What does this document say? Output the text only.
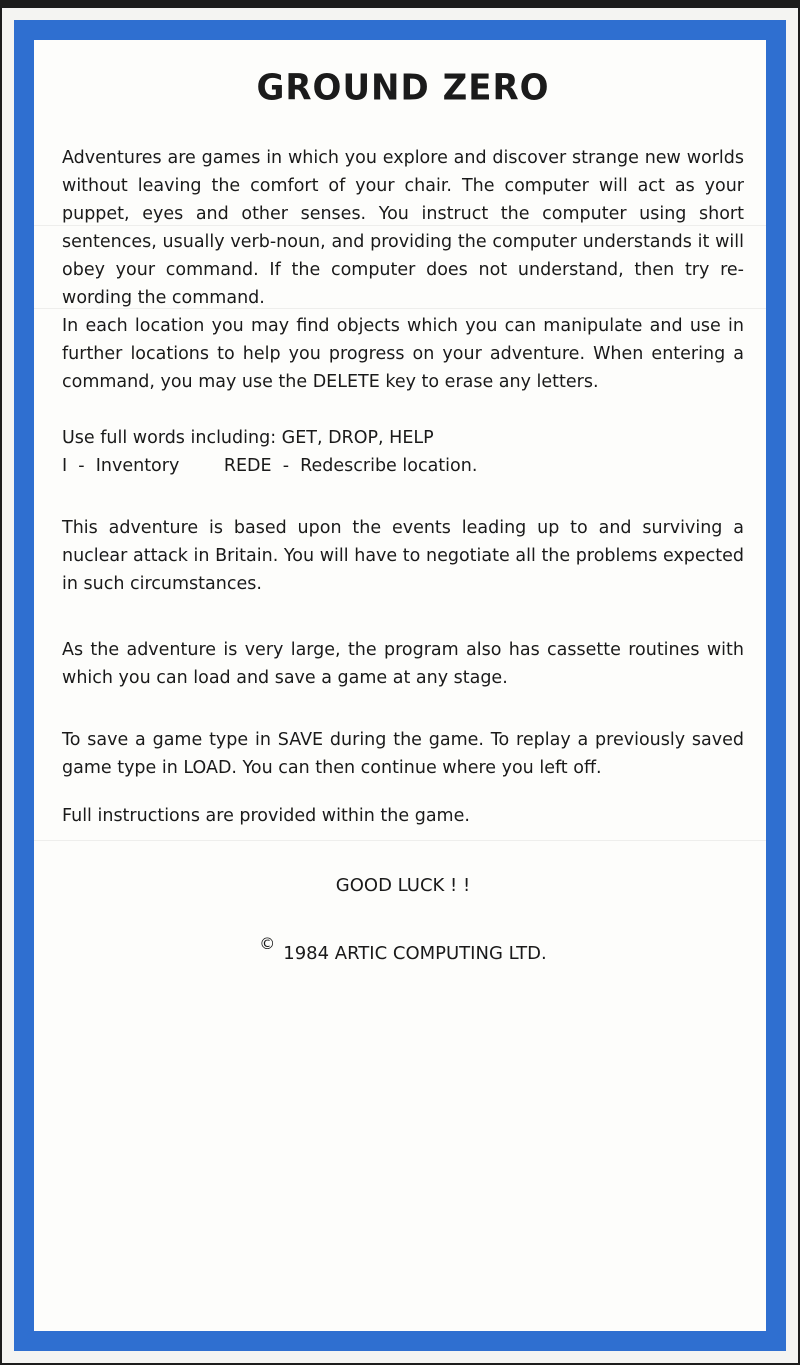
GROUND ZERO

Adventures are games in which you explore and discover strange new worlds without leaving the comfort of your chair. The computer will act as your puppet, eyes and other senses. You instruct the computer using short sentences, usually verb-noun, and providing the computer understands it will obey your command. If the computer does not understand, then try re-wording the command.

In each location you may find objects which you can manipulate and use in further locations to help you progress on your adventure. When entering a command, you may use the DELETE key to erase any letters.

Use full words including: GET, DROP, HELP

I  -  Inventory        REDE  -  Redescribe location.

This adventure is based upon the events leading up to and surviving a nuclear attack in Britain. You will have to negotiate all the problems expected in such circumstances.

As the adventure is very large, the program also has cassette routines with which you can load and save a game at any stage.

To save a game type in SAVE during the game. To replay a previously saved game type in LOAD. You can then continue where you left off.

Full instructions are provided within the game.

GOOD LUCK ! !
© 1984 ARTIC COMPUTING LTD.
